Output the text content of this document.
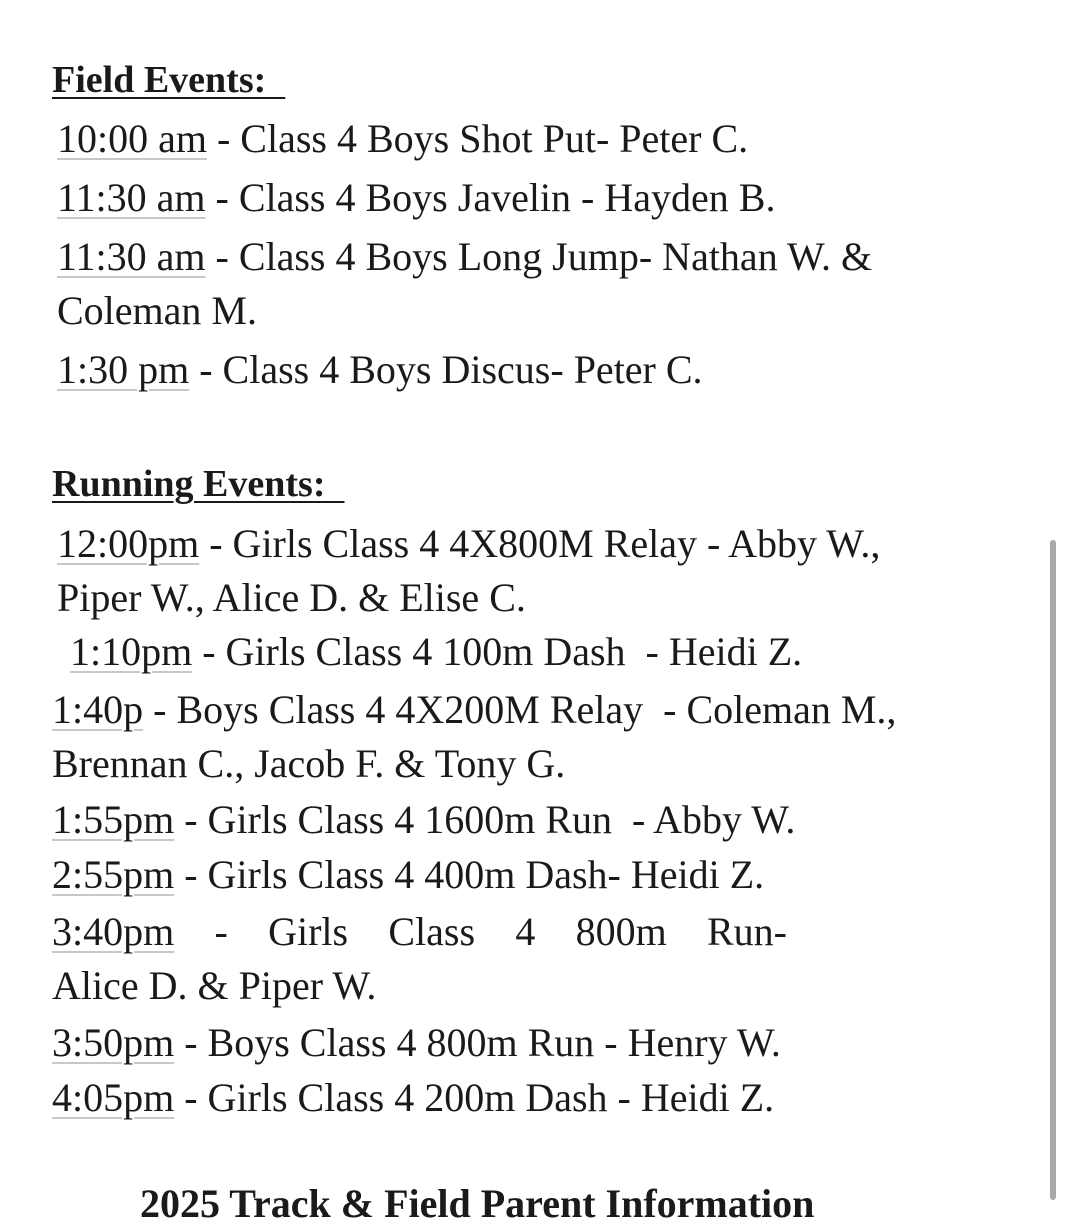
Field Events:

10:00 am - Class 4 Boys Shot Put- Peter C.

11:30 am - Class 4 Boys Javelin - Hayden B.

11:30 am - Class 4 Boys Long Jump- Nathan W. &

Coleman M.

1:30 pm - Class 4 Boys Discus- Peter C.

Running Events:

12:00pm - Girls Class 4 4X800M Relay - Abby W.,

Piper W., Alice D. & Elise C.

1:10pm - Girls Class 4 100m Dash  - Heidi Z.

1:40p - Boys Class 4 4X200M Relay  - Coleman M.,

Brennan C., Jacob F. & Tony G.

1:55pm - Girls Class 4 1600m Run  - Abby W.

2:55pm - Girls Class 4 400m Dash- Heidi Z.

3:40pm - Girls Class 4 800m Run-

Alice D. & Piper W.

3:50pm - Boys Class 4 800m Run - Henry W.

4:05pm - Girls Class 4 200m Dash - Heidi Z.

2025 Track & Field Parent Information
